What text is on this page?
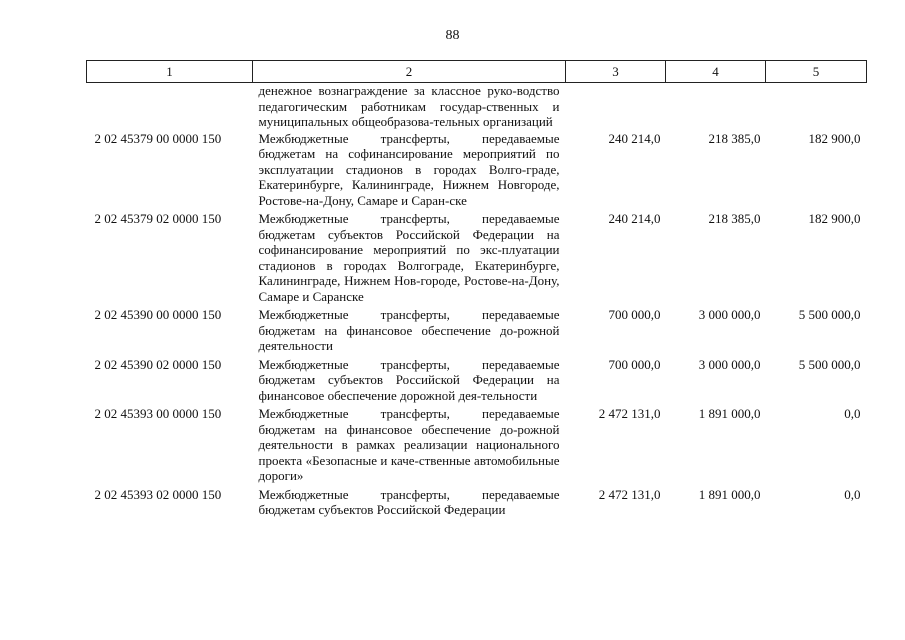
88
1	2	3	4	5
	денежное вознаграждение за классное руко-водство педагогическим работникам государ-ственных и муниципальных общеобразова-тельных организаций			
2 02 45379 00 0000 150	Межбюджетные трансферты, передаваемые бюджетам на софинансирование мероприятий по эксплуатации стадионов в городах Волго-граде, Екатеринбурге, Калининграде, Нижнем Новгороде, Ростове-на-Дону, Самаре и Саран-ске	240 214,0	218 385,0	182 900,0
2 02 45379 02 0000 150	Межбюджетные трансферты, передаваемые бюджетам субъектов Российской Федерации на софинансирование мероприятий по экс-плуатации стадионов в городах Волгограде, Екатеринбурге, Калининграде, Нижнем Нов-городе, Ростове-на-Дону, Самаре и Саранске	240 214,0	218 385,0	182 900,0
2 02 45390 00 0000 150	Межбюджетные трансферты, передаваемые бюджетам на финансовое обеспечение до-рожной деятельности	700 000,0	3 000 000,0	5 500 000,0
2 02 45390 02 0000 150	Межбюджетные трансферты, передаваемые бюджетам субъектов Российской Федерации на финансовое обеспечение дорожной дея-тельности	700 000,0	3 000 000,0	5 500 000,0
2 02 45393 00 0000 150	Межбюджетные трансферты, передаваемые бюджетам на финансовое обеспечение до-рожной деятельности в рамках реализации национального проекта «Безопасные и каче-ственные автомобильные дороги»	2 472 131,0	1 891 000,0	0,0
2 02 45393 02 0000 150	Межбюджетные трансферты, передаваемые бюджетам субъектов Российской Федерации	2 472 131,0	1 891 000,0	0,0
